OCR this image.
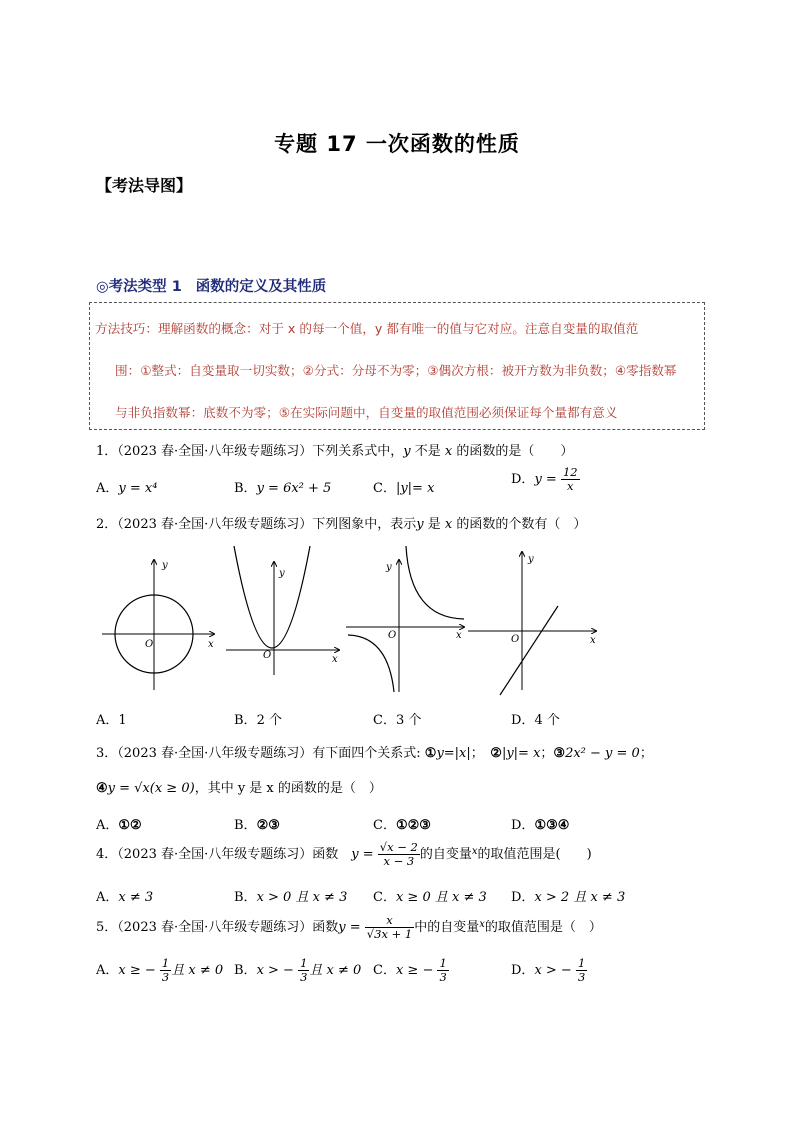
专题 17 一次函数的性质
【考法导图】
◎考法类型 1 函数的定义及其性质
方法技巧：理解函数的概念：对于 x 的每一个值，y 都有唯一的值与它对应。注意自变量的取值范
围：①整式：自变量取一切实数；②分式：分母不为零；③偶次方根：被开方数为非负数；④零指数幂
与非负指数幂：底数不为零；⑤在实际问题中，自变量的取值范围必须保证每个量都有意义
1．（2023 春·全国·八年级专题练习）下列关系式中，y 不是 x 的函数的是（　　）
A．y = x⁴	B．y = 6x² + 5	C．|y|= x
D．$y = \frac{12}{x}$
2．（2023 春·全国·八年级专题练习）下列图象中，表示y 是 x 的函数的个数有（　）
y
x
O
y
x
O
y
x
O
y
x
O
A．1	B．2 个	C．3 个	D．4 个
3．（2023 春·全国·八年级专题练习）有下面四个关系式: ①y=|x|；　②|y|= x；③2x² − y = 0；
④y = √x(x ≥ 0)，其中 y 是 x 的函数的是（　）
A．①②	B．②③	C．①②③	D．①③④
4．（2023 春·全国·八年级专题练习）函数　$y = \frac{√x - 2}{x - 3}$ 的自变量$^x$的取值范围是(　　)
A．x ≠ 3	B．x > 0 且 x ≠ 3 C．x ≥ 0 且 x ≠ 3 D．x > 2 且 x ≠ 3
5．（2023 春·全国·八年级专题练习）函数$y = \frac{x}{√3x + 1}$ 中的自变量$^x$的取值范围是（　）
A．x ≥ − $\frac{1}{3}$ 且 x ≠ 0 B．x > − $\frac{1}{3}$ 且 x ≠ 0 C．x ≥ − $\frac{1}{3}$	D．x > − $\frac{1}{3}$
